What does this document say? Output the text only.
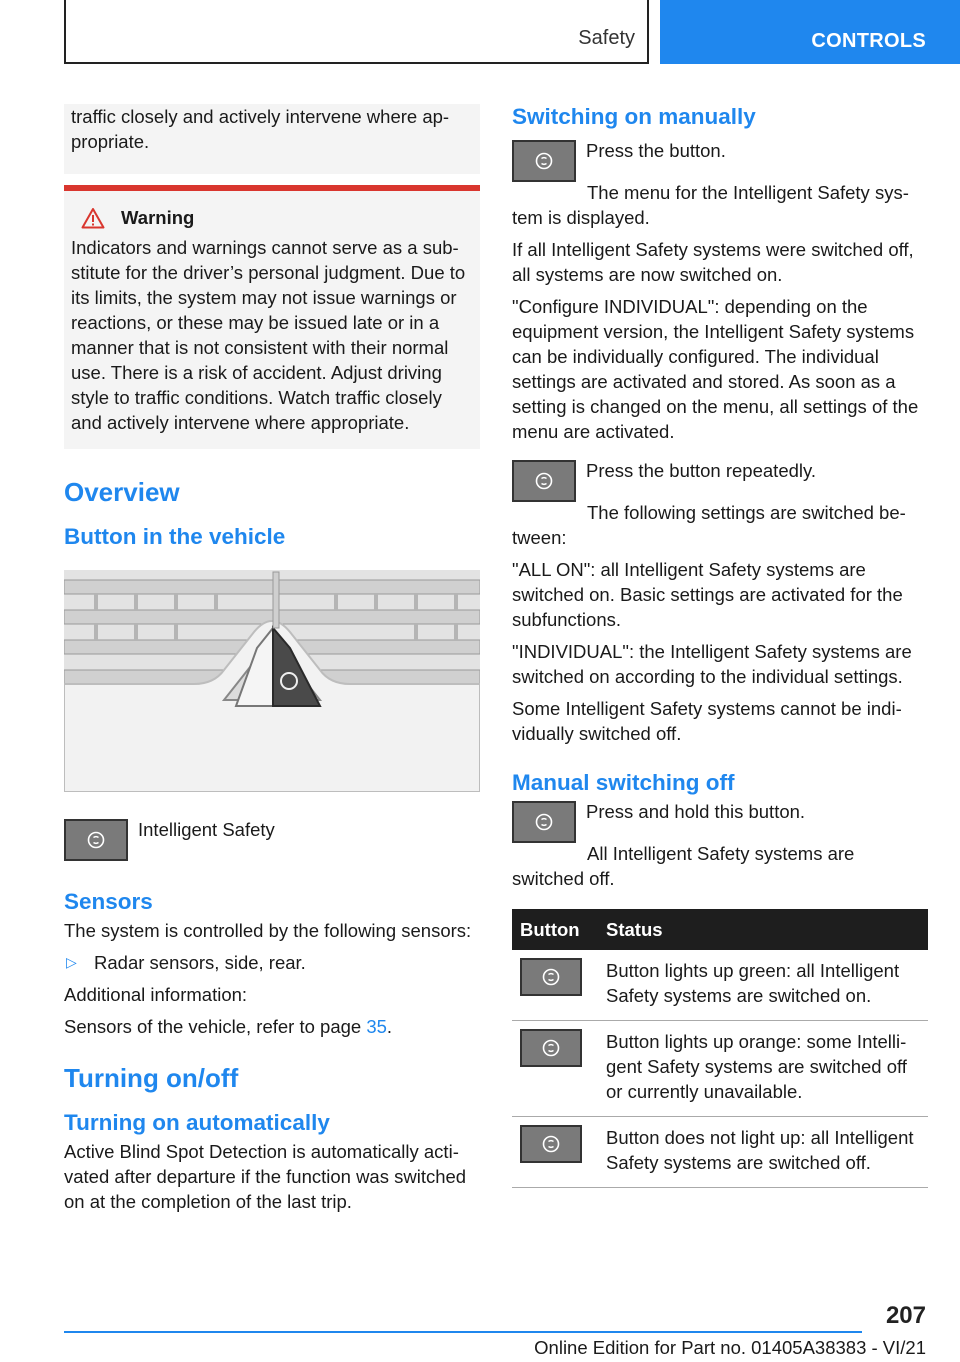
Safety	CONTROLS
traffic closely and actively intervene where appropriate.
Warning

Indicators and warnings cannot serve as a substitute for the driver’s personal judgment. Due to its limits, the system may not issue warnings or reactions, or these may be issued late or in a manner that is not consistent with their normal use. There is a risk of accident. Adjust driving style to traffic conditions. Watch traffic closely and actively intervene where appropriate.

Overview
Button in the vehicle

Intelligent Safety

Sensors

The system is controlled by the following sensors:

▷ Radar sensors, side, rear.

Additional information:

Sensors of the vehicle, refer to page 35.

Turning on/off
Turning on automatically

Active Blind Spot Detection is automatically activated after departure if the function was switched on at the completion of the last trip.

Switching on manually

Press the button.

The menu for the Intelligent Safety system is displayed.

If all Intelligent Safety systems were switched off, all systems are now switched on.

"Configure INDIVIDUAL": depending on the equipment version, the Intelligent Safety systems can be individually configured. The individual settings are activated and stored. As soon as a setting is changed on the menu, all settings of the menu are activated.

Press the button repeatedly.

The following settings are switched between:

"ALL ON": all Intelligent Safety systems are switched on. Basic settings are activated for the subfunctions.

"INDIVIDUAL": the Intelligent Safety systems are switched on according to the individual settings.

Some Intelligent Safety systems cannot be individually switched off.

Manual switching off

Press and hold this button.

All Intelligent Safety systems are switched off.

Button	Status

	Button lights up green: all Intelligent Safety systems are switched on.

	Button lights up orange: some Intelligent Safety systems are switched off or currently unavailable.

	Button does not light up: all Intelligent Safety systems are switched off.
207
Online Edition for Part no. 01405A38383 - VI/21
